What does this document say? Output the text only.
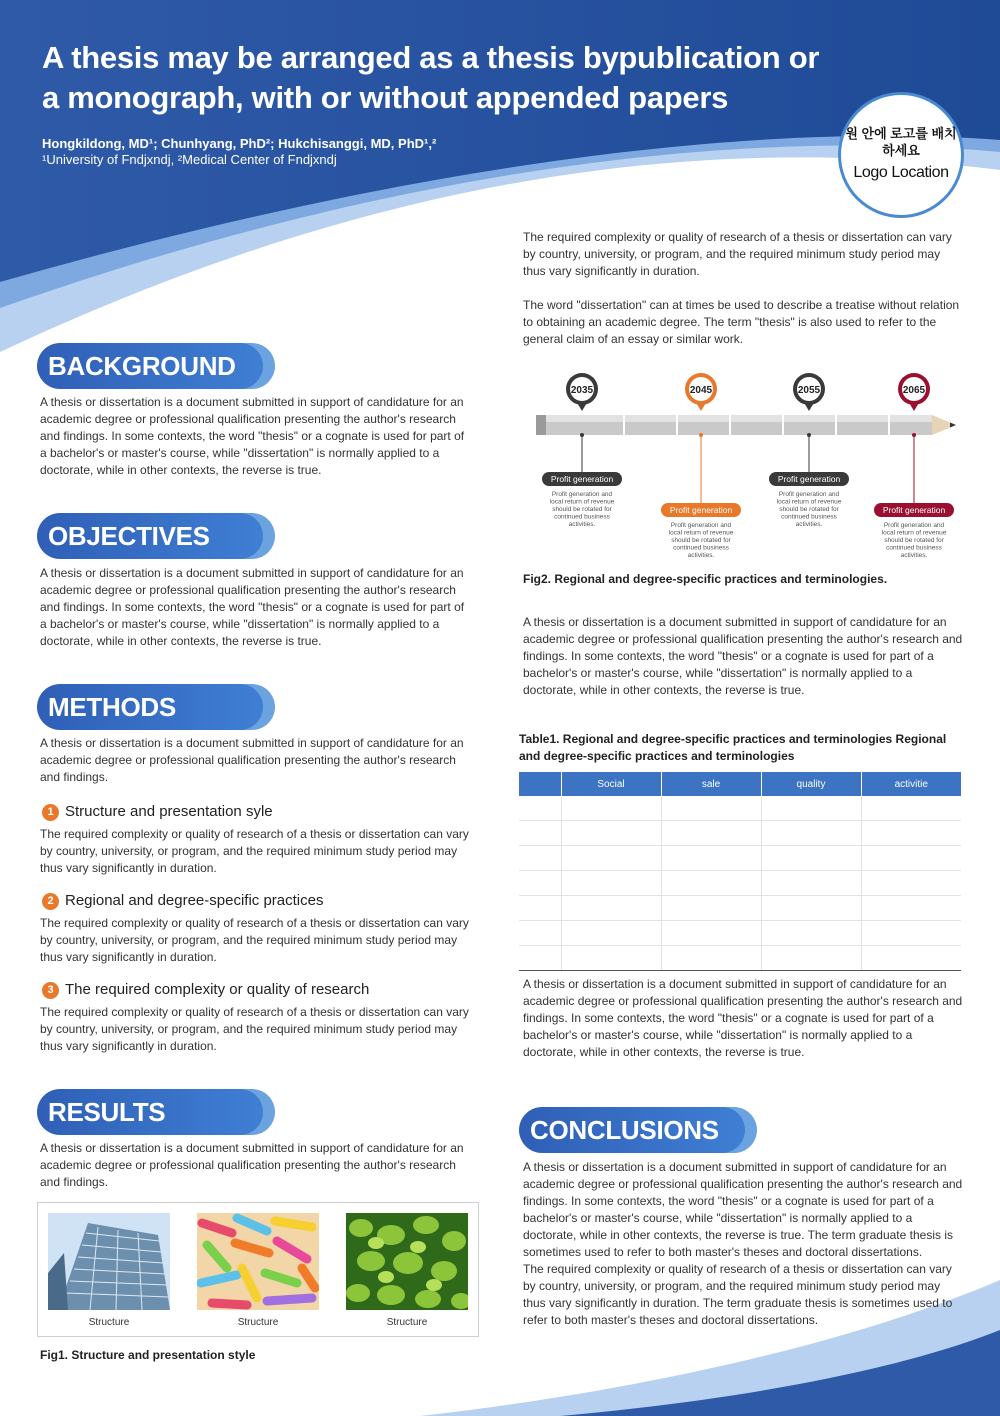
A thesis may be arranged as a thesis bypublication or a monograph, with or without appended papers
Hongkildong, MD¹; Chunhyang, PhD²; Hukchisanggi, MD, PhD¹,²
¹University of Fndjxndj, ²Medical Center of Fndjxndj
원 안에 로고를 배치하세요
Logo Location
BACKGROUND
A thesis or dissertation is a document submitted in support of candidature for an academic degree or professional qualification presenting the author's research and findings. In some contexts, the word "thesis" or a cognate is used for part of a bachelor's or master's course, while "dissertation" is normally applied to a doctorate, while in other contexts, the reverse is true.
OBJECTIVES
A thesis or dissertation is a document submitted in support of candidature for an academic degree or professional qualification presenting the author's research and findings. In some contexts, the word "thesis" or a cognate is used for part of a bachelor's or master's course, while "dissertation" is normally applied to a doctorate, while in other contexts, the reverse is true.
METHODS
A thesis or dissertation is a document submitted in support of candidature for an academic degree or professional qualification presenting the author's research and findings.
1 Structure and presentation syle
The required complexity or quality of research of a thesis or dissertation can vary by country, university, or program, and the required minimum study period may thus vary significantly in duration.
2 Regional and degree-specific practices
The required complexity or quality of research of a thesis or dissertation can vary by country, university, or program, and the required minimum study period may thus vary significantly in duration.
3 The required complexity or quality of research
The required complexity or quality of research of a thesis or dissertation can vary by country, university, or program, and the required minimum study period may thus vary significantly in duration.
RESULTS
A thesis or dissertation is a document submitted in support of candidature for an academic degree or professional qualification presenting the author's research and findings.
Structure	Structure	Structure
Fig1. Structure and presentation style
The required complexity or quality of research of a thesis or dissertation can vary by country, university, or program, and the required minimum study period may thus vary significantly in duration.
The word "dissertation" can at times be used to describe a treatise without relation to obtaining an academic degree. The term "thesis" is also used to refer to the general claim of an essay or similar work.
2035
Profit generation
Profit generation and local return of revenue should be rotated for continued business activities.
2045
Profit generation
Profit generation and local return of revenue should be rotated for continued business activities.
2055
Profit generation
Profit generation and local return of revenue should be rotated for continued business activities.
2065
Profit generation
Profit generation and local return of revenue should be rotated for continued business activities.
Fig2. Regional and degree-specific practices and terminologies.
A thesis or dissertation is a document submitted in support of candidature for an academic degree or professional qualification presenting the author's research and findings. In some contexts, the word "thesis" or a cognate is used for part of a bachelor's or master's course, while "dissertation" is normally applied to a doctorate, while in other contexts, the reverse is true.
Table1. Regional and degree-specific practices and terminologies Regional and degree-specific practices and terminologies
	Social	sale	quality	activitie

A thesis or dissertation is a document submitted in support of candidature for an academic degree or professional qualification presenting the author's research and findings. In some contexts, the word "thesis" or a cognate is used for part of a bachelor's or master's course, while "dissertation" is normally applied to a doctorate, while in other contexts, the reverse is true.
CONCLUSIONS
A thesis or dissertation is a document submitted in support of candidature for an academic degree or professional qualification presenting the author's research and findings. In some contexts, the word "thesis" or a cognate is used for part of a bachelor's or master's course, while "dissertation" is normally applied to a doctorate, while in other contexts, the reverse is true. The term graduate thesis is sometimes used to refer to both master's theses and doctoral dissertations.
The required complexity or quality of research of a thesis or dissertation can vary by country, university, or program, and the required minimum study period may thus vary significantly in duration. The term graduate thesis is sometimes used to refer to both master's theses and doctoral dissertations.
